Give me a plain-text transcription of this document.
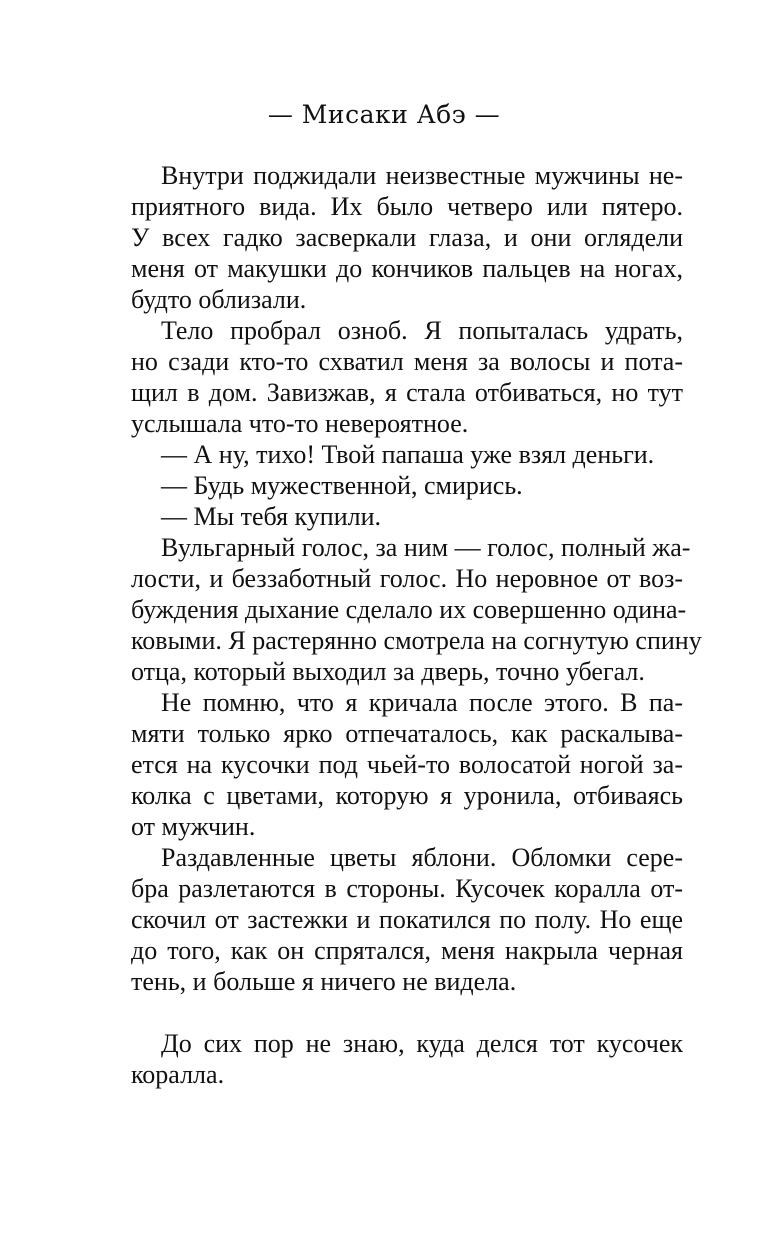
— Мисаки Абэ —
Внутри поджидали неизвестные мужчины не-
приятного вида. Их было четверо или пятеро.
У всех гадко засверкали глаза, и они оглядели
меня от макушки до кончиков пальцев на ногах,
будто облизали.
Тело пробрал озноб. Я попыталась удрать,
но сзади кто-то схватил меня за волосы и пота-
щил в дом. Завизжав, я стала отбиваться, но тут
услышала что-то невероятное.
— А ну, тихо! Твой папаша уже взял деньги.
— Будь мужественной, смирись.
— Мы тебя купили.
Вульгарный голос, за ним — голос, полный жа-
лости, и беззаботный голос. Но неровное от воз-
буждения дыхание сделало их совершенно одина-
ковыми. Я растерянно смотрела на согнутую спину
отца, который выходил за дверь, точно убегал.
Не помню, что я кричала после этого. В па-
мяти только ярко отпечаталось, как раскалыва-
ется на кусочки под чьей-то волосатой ногой за-
колка с цветами, которую я уронила, отбиваясь
от мужчин.
Раздавленные цветы яблони. Обломки сере-
бра разлетаются в стороны. Кусочек коралла от-
скочил от застежки и покатился по полу. Но еще
до того, как он спрятался, меня накрыла черная
тень, и больше я ничего не видела.
До сих пор не знаю, куда делся тот кусочек
коралла.
